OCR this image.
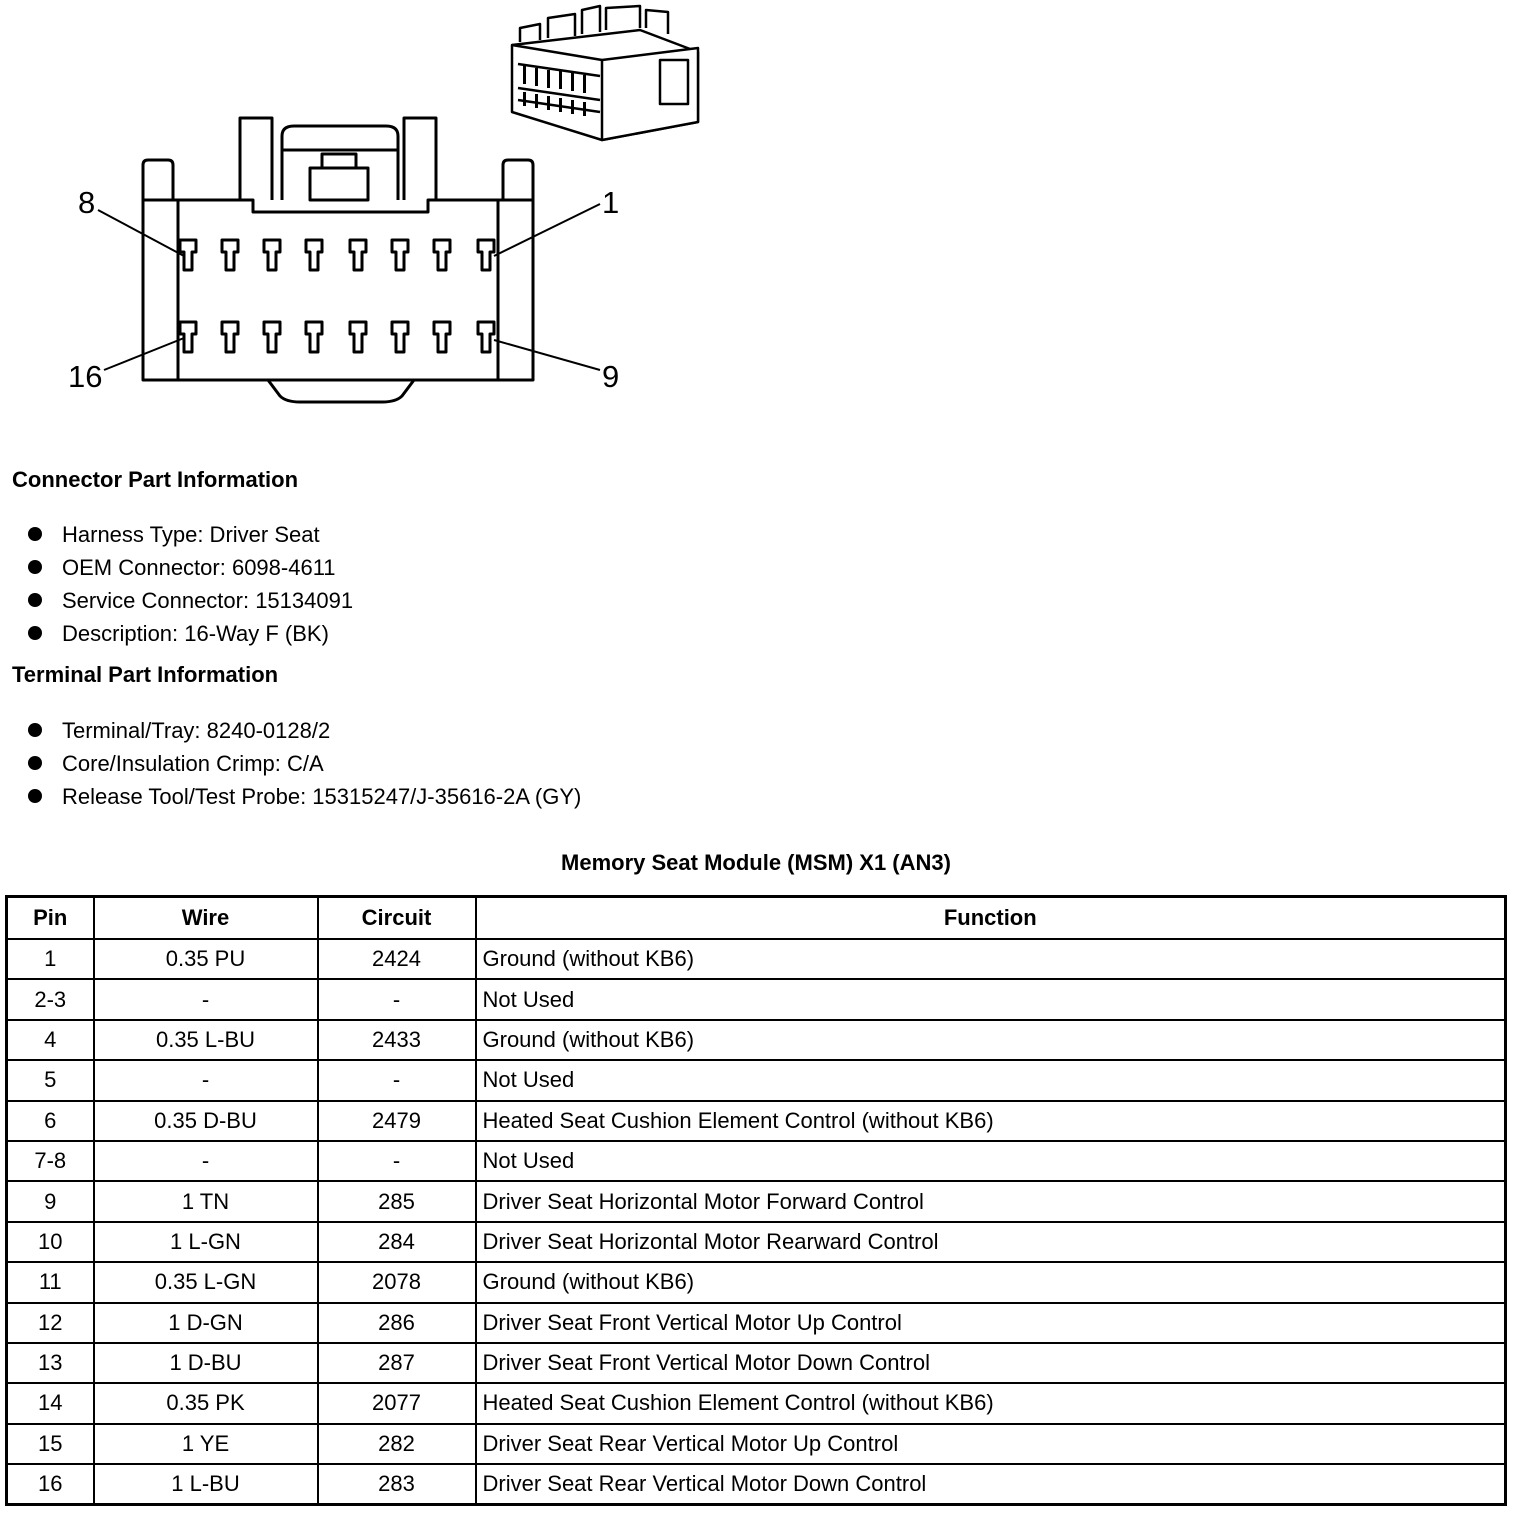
8	1
16	9
Connector Part Information
Harness Type: Driver Seat
OEM Connector: 6098-4611
Service Connector: 15134091
Description: 16-Way F (BK)
Terminal Part Information
Terminal/Tray: 8240-0128/2
Core/Insulation Crimp: C/A
Release Tool/Test Probe: 15315247/J-35616-2A (GY)
Memory Seat Module (MSM) X1 (AN3)
Pin	Wire	Circuit	Function
1	0.35 PU	2424	Ground (without KB6)
2-3	-	-	Not Used
4	0.35 L-BU	2433	Ground (without KB6)
5	-	-	Not Used
6	0.35 D-BU	2479	Heated Seat Cushion Element Control (without KB6)
7-8	-	-	Not Used
9	1 TN	285	Driver Seat Horizontal Motor Forward Control
10	1 L-GN	284	Driver Seat Horizontal Motor Rearward Control
11	0.35 L-GN	2078	Ground (without KB6)
12	1 D-GN	286	Driver Seat Front Vertical Motor Up Control
13	1 D-BU	287	Driver Seat Front Vertical Motor Down Control
14	0.35 PK	2077	Heated Seat Cushion Element Control (without KB6)
15	1 YE	282	Driver Seat Rear Vertical Motor Up Control
16	1 L-BU	283	Driver Seat Rear Vertical Motor Down Control
